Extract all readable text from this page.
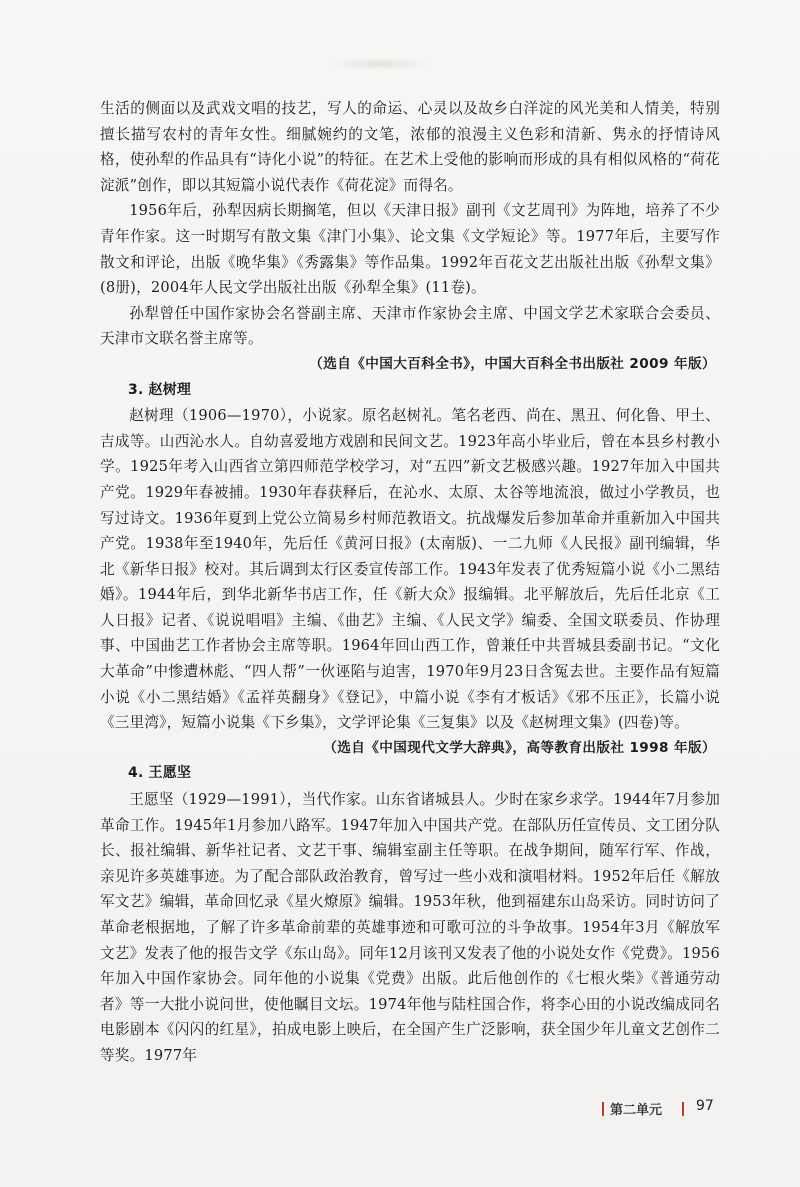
生活的侧面以及武戏文唱的技艺，写人的命运、心灵以及故乡白洋淀的风光美和人情美，特别擅长描写农村的青年女性。细腻婉约的文笔，浓郁的浪漫主义色彩和清新、隽永的抒情诗风格，使孙犁的作品具有“诗化小说”的特征。在艺术上受他的影响而形成的具有相似风格的“荷花淀派”创作，即以其短篇小说代表作《荷花淀》而得名。

1956年后，孙犁因病长期搁笔，但以《天津日报》副刊《文艺周刊》为阵地，培养了不少青年作家。这一时期写有散文集《津门小集》、论文集《文学短论》等。1977年后，主要写作散文和评论，出版《晚华集》《秀露集》等作品集。1992年百花文艺出版社出版《孙犁文集》(8册)，2004年人民文学出版社出版《孙犁全集》(11卷)。

孙犁曾任中国作家协会名誉副主席、天津市作家协会主席、中国文学艺术家联合会委员、天津市文联名誉主席等。

（选自《中国大百科全书》，中国大百科全书出版社 2009 年版）

3. 赵树理

赵树理（1906—1970），小说家。原名赵树礼。笔名老西、尚在、黑丑、何化鲁、甲土、吉成等。山西沁水人。自幼喜爱地方戏剧和民间文艺。1923年高小毕业后，曾在本县乡村教小学。1925年考入山西省立第四师范学校学习，对“五四”新文艺极感兴趣。1927年加入中国共产党。1929年春被捕。1930年春获释后，在沁水、太原、太谷等地流浪，做过小学教员，也写过诗文。1936年夏到上党公立简易乡村师范教语文。抗战爆发后参加革命并重新加入中国共产党。1938年至1940年，先后任《黄河日报》(太南版)、一二九师《人民报》副刊编辑，华北《新华日报》校对。其后调到太行区委宣传部工作。1943年发表了优秀短篇小说《小二黑结婚》。1944年后，到华北新华书店工作，任《新大众》报编辑。北平解放后，先后任北京《工人日报》记者、《说说唱唱》主编、《曲艺》主编、《人民文学》编委、全国文联委员、作协理事、中国曲艺工作者协会主席等职。1964年回山西工作，曾兼任中共晋城县委副书记。“文化大革命”中惨遭林彪、“四人帮”一伙诬陷与迫害，1970年9月23日含冤去世。主要作品有短篇小说《小二黑结婚》《孟祥英翻身》《登记》，中篇小说《李有才板话》《邪不压正》，长篇小说《三里湾》，短篇小说集《下乡集》，文学评论集《三复集》以及《赵树理文集》(四卷)等。

（选自《中国现代文学大辞典》，高等教育出版社 1998 年版）

4. 王愿坚

王愿坚（1929—1991），当代作家。山东省诸城县人。少时在家乡求学。1944年7月参加革命工作。1945年1月参加八路军。1947年加入中国共产党。在部队历任宣传员、文工团分队长、报社编辑、新华社记者、文艺干事、编辑室副主任等职。在战争期间，随军行军、作战，亲见许多英雄事迹。为了配合部队政治教育，曾写过一些小戏和演唱材料。1952年后任《解放军文艺》编辑，革命回忆录《星火燎原》编辑。1953年秋，他到福建东山岛采访。同时访问了革命老根据地，了解了许多革命前辈的英雄事迹和可歌可泣的斗争故事。1954年3月《解放军文艺》发表了他的报告文学《东山岛》。同年12月该刊又发表了他的小说处女作《党费》。1956年加入中国作家协会。同年他的小说集《党费》出版。此后他创作的《七根火柴》《普通劳动者》等一大批小说问世，使他瞩目文坛。1974年他与陆柱国合作，将李心田的小说改编成同名电影剧本《闪闪的红星》，拍成电影上映后，在全国产生广泛影响，获全国少年儿童文艺创作二等奖。1977年

第二单元 97
